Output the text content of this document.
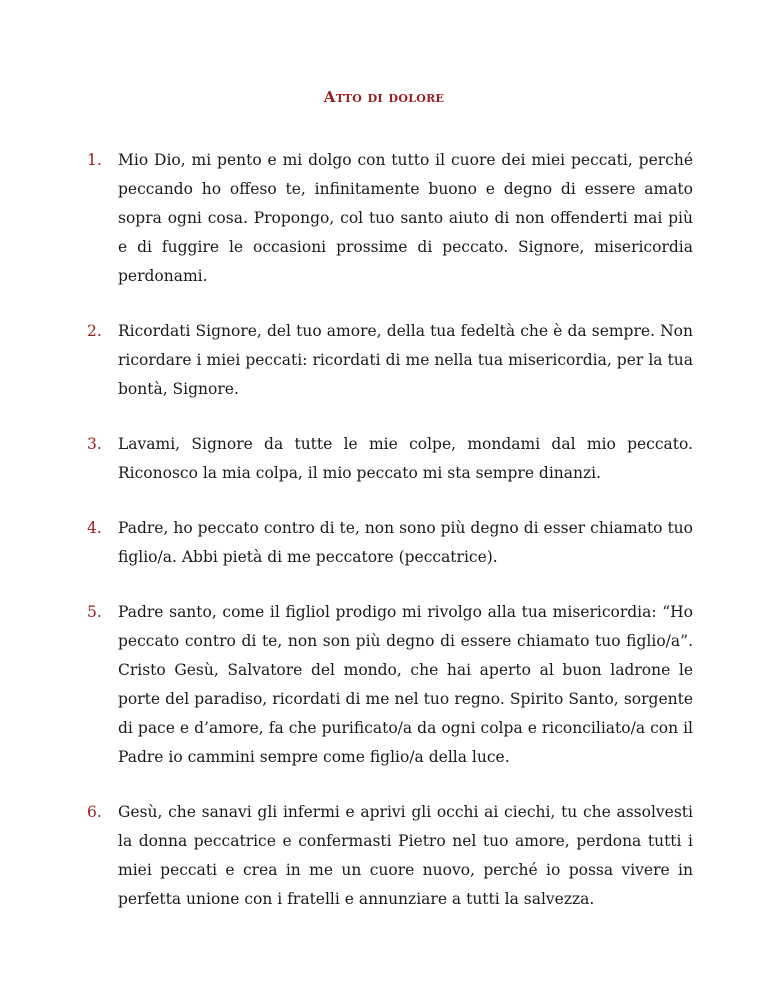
Atto di dolore
1.	Mio Dio, mi pento e mi dolgo con tutto il cuore dei miei peccati, perché peccando ho offeso te, infinitamente buono e degno di essere amato sopra ogni cosa. Propongo, col tuo santo aiuto di non offenderti mai più e di fuggire le occasioni prossime di peccato. Signore, misericordia perdonami.

2.	Ricordati Signore, del tuo amore, della tua fedeltà che è da sempre. Non ricordare i miei peccati: ricordati di me nella tua misericordia, per la tua bontà, Signore.

3.	Lavami, Signore da tutte le mie colpe, mondami dal mio peccato. Riconosco la mia colpa, il mio peccato mi sta sempre dinanzi.

4.	Padre, ho peccato contro di te, non sono più degno di esser chiamato tuo figlio/a. Abbi pietà di me peccatore (peccatrice).

5.	Padre santo, come il figliol prodigo mi rivolgo alla tua misericordia: “Ho peccato contro di te, non son più degno di essere chiamato tuo figlio/a”. Cristo Gesù, Salvatore del mondo, che hai aperto al buon ladrone le porte del paradiso, ricordati di me nel tuo regno. Spirito Santo, sorgente di pace e d’amore, fa che purificato/a da ogni colpa e riconciliato/a con il Padre io cammini sempre come figlio/a della luce.

6.	Gesù, che sanavi gli infermi e aprivi gli occhi ai ciechi, tu che assolvesti la donna peccatrice e confermasti Pietro nel tuo amore, perdona tutti i miei peccati e crea in me un cuore nuovo, perché io possa vivere in perfetta unione con i fratelli e annunziare a tutti la salvezza.
